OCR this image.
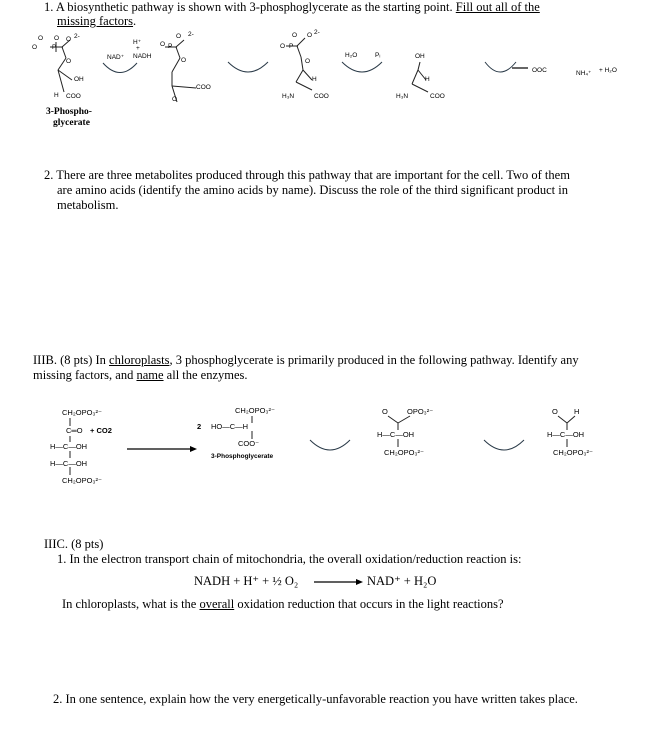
1. A biosynthetic pathway is shown with 3-phosphoglycerate as the starting point. Fill out all of the
missing factors.
O O 2-
O
O P
O
OH
H COO
3-Phospho-
glycerate
NAD⁺
H⁺
+
NADH
O 2-
O P
O
O
COO
O O 2-
O P
O
H
H₃N	COO
H₂O	Pᵢ	OH
H
H₃N	COO
OOC	NH₄⁺ + H₂O
2. There are three metabolites produced through this pathway that are important for the cell. Two of them
are amino acids (identify the amino acids by name). Discuss the role of the third significant product in
metabolism.
IIIB. (8 pts) In chloroplasts, 3 phosphoglycerate is primarily produced in the following pathway. Identify any
missing factors, and name all the enzymes.
CH₂OPO₃²⁻
C═O + CO2
H—C—OH
H—C—OH
CH₂OPO₃²⁻
2
CH₂OPO₃²⁻
HO—C—H
COO⁻
3-Phosphoglycerate
O	OPO₃²⁻
H—C—OH
CH₂OPO₃²⁻
O H
H—C—OH
CH₂OPO₃²⁻
IIIC. (8 pts)
1. In the electron transport chain of mitochondria, the overall oxidation/reduction reaction is:
NADH + H⁺ + ½ O₂	NAD⁺ + H₂O
In chloroplasts, what is the overall oxidation reduction that occurs in the light reactions?
2. In one sentence, explain how the very energetically-unfavorable reaction you have written takes place.
